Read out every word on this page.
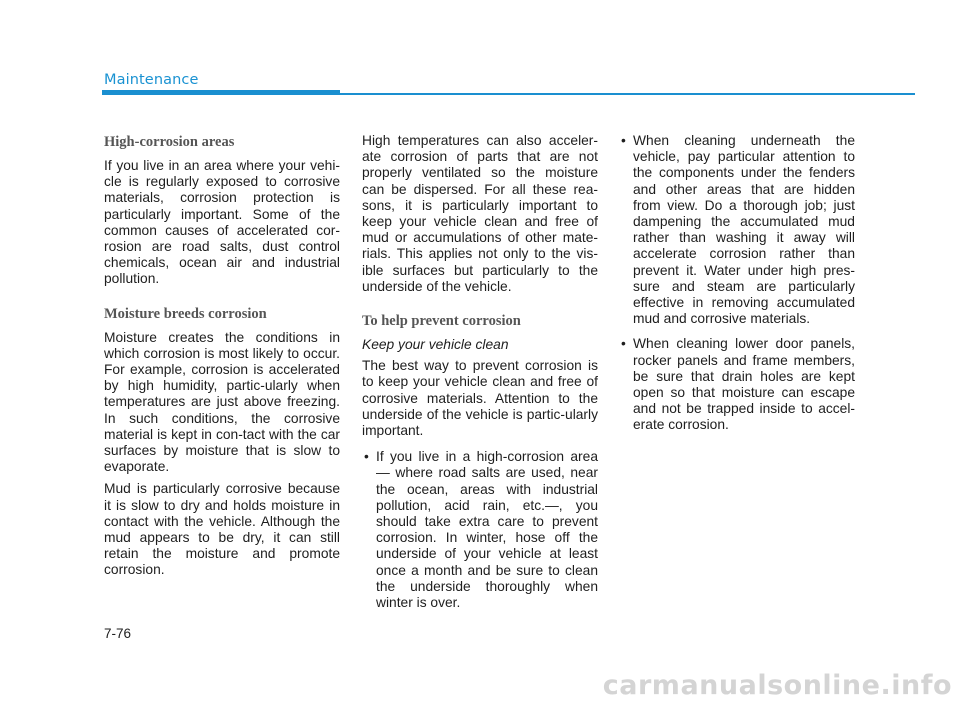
Maintenance
High-corrosion areas

If you live in an area where your vehi-cle is regularly exposed to corrosive materials, corrosion protection is particularly important. Some of the common causes of accelerated cor-rosion are road salts, dust control chemicals, ocean air and industrial pollution.

Moisture breeds corrosion

Moisture creates the conditions in which corrosion is most likely to occur. For example, corrosion is accelerated by high humidity, partic-ularly when temperatures are just above freezing. In such conditions, the corrosive material is kept in con-tact with the car surfaces by moisture that is slow to evaporate.

Mud is particularly corrosive because it is slow to dry and holds moisture in contact with the vehicle. Although the mud appears to be dry, it can still retain the moisture and promote corrosion.

High temperatures can also acceler-ate corrosion of parts that are not properly ventilated so the moisture can be dispersed. For all these rea-sons, it is particularly important to keep your vehicle clean and free of mud or accumulations of other mate-rials. This applies not only to the vis-ible surfaces but particularly to the underside of the vehicle.

To help prevent corrosion

Keep your vehicle clean

The best way to prevent corrosion is to keep your vehicle clean and free of corrosive materials. Attention to the underside of the vehicle is partic-ularly important.

• If you live in a high-corrosion area — where road salts are used, near the ocean, areas with industrial pollution, acid rain, etc.—, you should take extra care to prevent corrosion. In winter, hose off the underside of your vehicle at least once a month and be sure to clean the underside thoroughly when winter is over.
• When cleaning underneath the vehicle, pay particular attention to the components under the fenders and other areas that are hidden from view. Do a thorough job; just dampening the accumulated mud rather than washing it away will accelerate corrosion rather than prevent it. Water under high pres-sure and steam are particularly effective in removing accumulated mud and corrosive materials.
• When cleaning lower door panels, rocker panels and frame members, be sure that drain holes are kept open so that moisture can escape and not be trapped inside to accel-erate corrosion.
7-76
carmanualsonline.info
